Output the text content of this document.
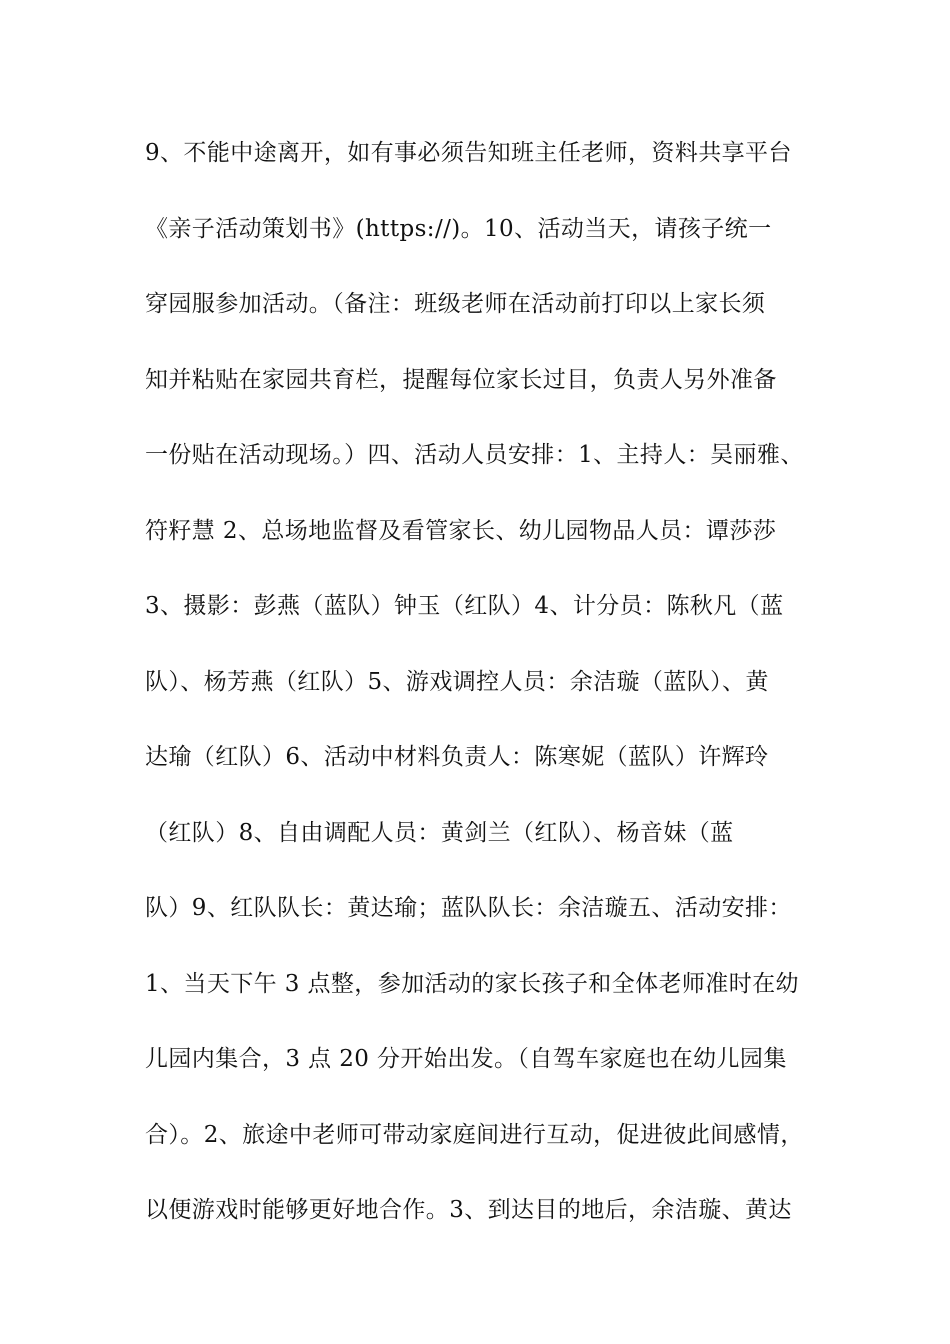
9、不能中途离开，如有事必须告知班主任老师，资料共享平台
《亲子活动策划书》(https://)。10、活动当天，请孩子统一
穿园服参加活动。（备注：班级老师在活动前打印以上家长须
知并粘贴在家园共育栏，提醒每位家长过目，负责人另外准备
一份贴在活动现场。）四、活动人员安排：1、主持人：吴丽雅、
符籽慧 2、总场地监督及看管家长、幼儿园物品人员：谭莎莎
3、摄影：彭燕（蓝队）钟玉（红队）4、计分员：陈秋凡（蓝
队）、杨芳燕（红队）5、游戏调控人员：余洁璇（蓝队）、黄
达瑜（红队）6、活动中材料负责人：陈寒妮（蓝队）许辉玲
（红队）8、自由调配人员：黄剑兰（红队）、杨音妹（蓝
队）9、红队队长：黄达瑜；蓝队队长：余洁璇五、活动安排：
1、当天下午 3 点整，参加活动的家长孩子和全体老师准时在幼
儿园内集合，3 点 20 分开始出发。（自驾车家庭也在幼儿园集
合）。2、旅途中老师可带动家庭间进行互动，促进彼此间感情，
以便游戏时能够更好地合作。3、到达目的地后，余洁璇、黄达
